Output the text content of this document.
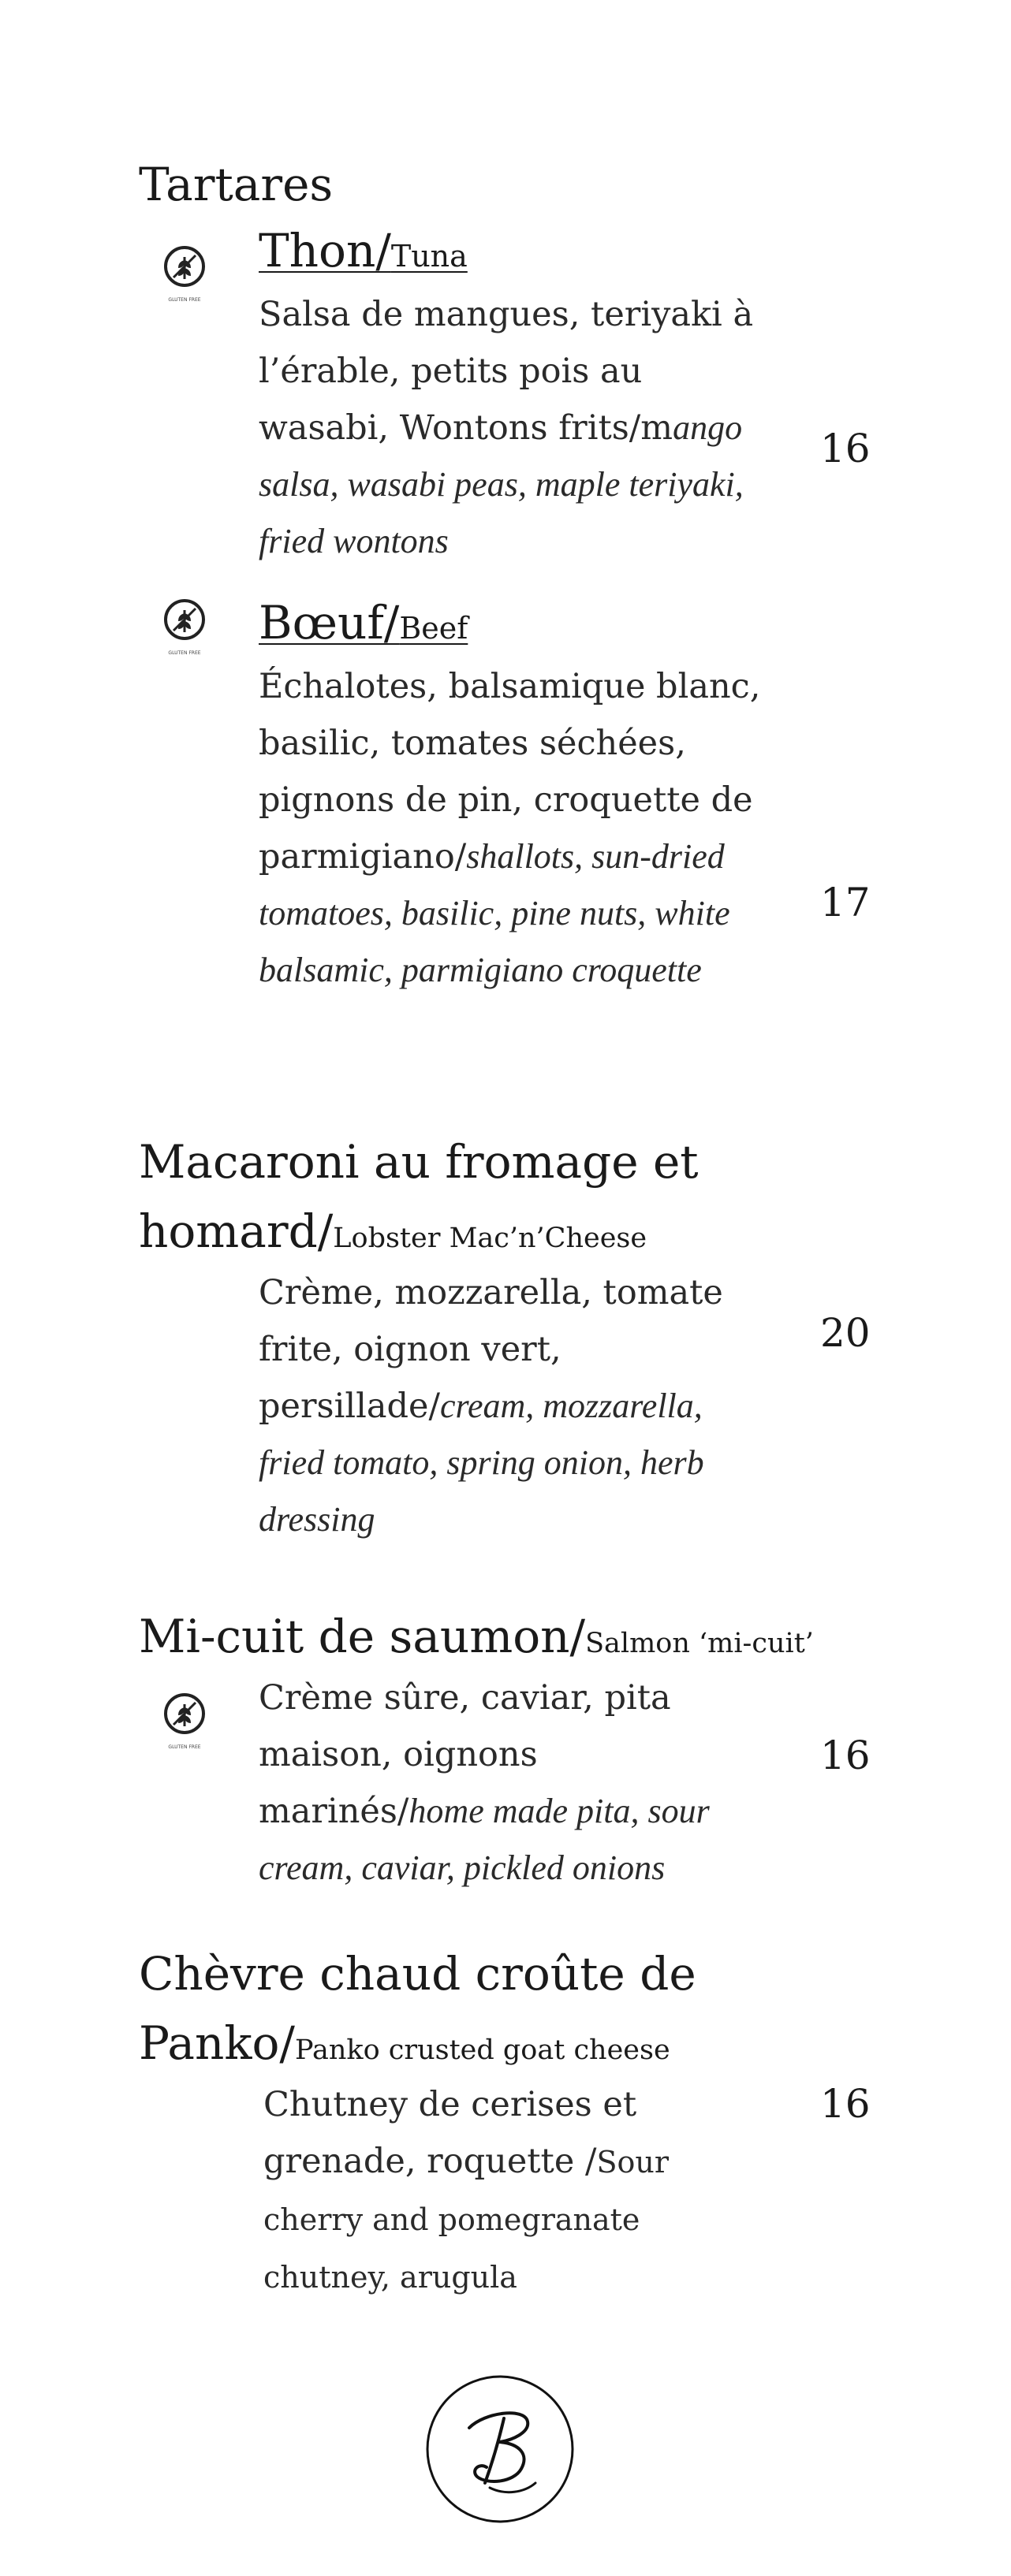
Tartares
GLUTEN FREE
Thon/Tuna
Salsa de mangues, teriyaki à l’érable, petits pois au wasabi, Wontons frits/mango salsa, wasabi peas, maple teriyaki, fried wontons
16
GLUTEN FREE
Bœuf/Beef
Échalotes, balsamique blanc, basilic, tomates séchées, pignons de pin, croquette de parmigiano/shallots, sun-dried tomatoes, basilic, pine nuts, white balsamic, parmigiano croquette
17
Macaroni au fromage et
homard/Lobster Mac’n’Cheese
Crème, mozzarella, tomate frite, oignon vert, persillade/cream, mozzarella, fried tomato, spring onion, herb dressing
20
Mi-cuit de saumon/Salmon ‘mi-cuit’
GLUTEN FREE
Crème sûre, caviar, pita maison, oignons marinés/home made pita, sour cream, caviar, pickled onions
16
Chèvre chaud croûte de
Panko/Panko crusted goat cheese
Chutney de cerises et grenade, roquette /Sour cherry and pomegranate chutney, arugula
16
